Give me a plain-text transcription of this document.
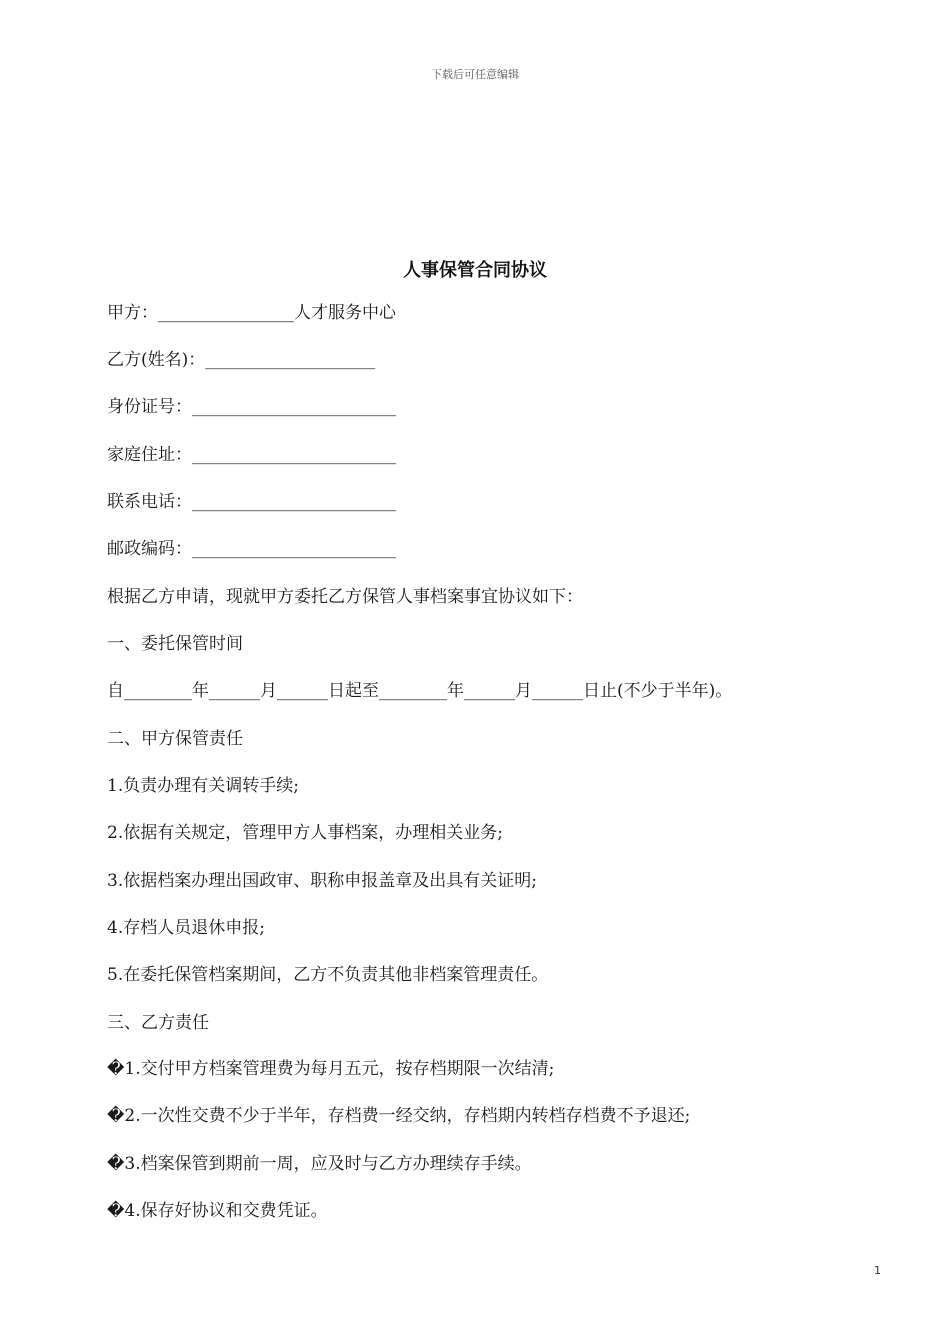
下载后可任意编辑
人事保管合同协议
甲方：________________人才服务中心
乙方(姓名)：____________________
身份证号：________________________
家庭住址：________________________
联系电话：________________________
邮政编码：________________________
根据乙方申请，现就甲方委托乙方保管人事档案事宜协议如下：
一、委托保管时间
自________年______月______日起至________年______月______日止(不少于半年)。
二、甲方保管责任
1.负责办理有关调转手续;
2.依据有关规定，管理甲方人事档案，办理相关业务;
3.依据档案办理出国政审、职称申报盖章及出具有关证明;
4.存档人员退休申报;
5.在委托保管档案期间，乙方不负责其他非档案管理责任。
三、乙方责任
�1.交付甲方档案管理费为每月五元，按存档期限一次结清;
�2.一次性交费不少于半年，存档费一经交纳，存档期内转档存档费不予退还;
�3.档案保管到期前一周，应及时与乙方办理续存手续。
�4.保存好协议和交费凭证。
1
